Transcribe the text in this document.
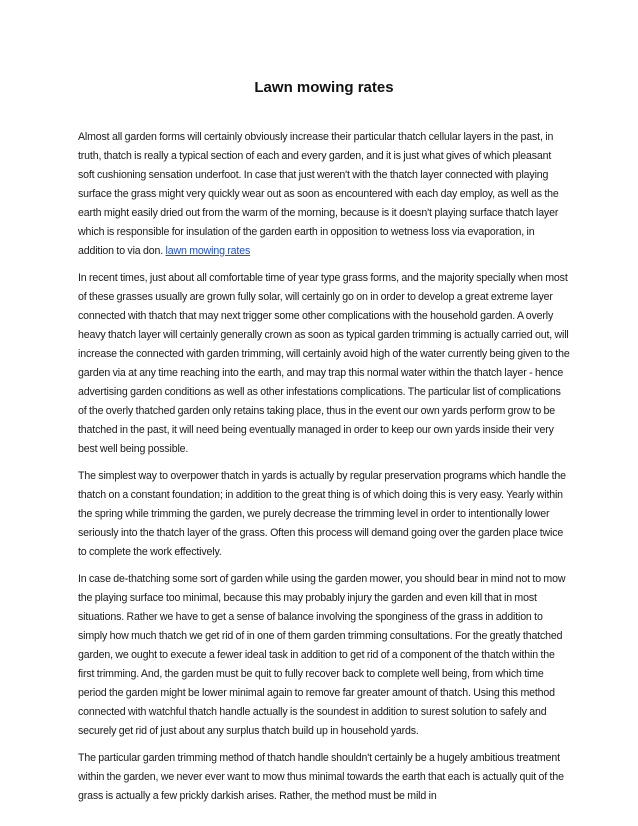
Lawn mowing rates

Almost all garden forms will certainly obviously increase their particular thatch cellular layers in the past, in truth, thatch is really a typical section of each and every garden, and it is just what gives of which pleasant soft cushioning sensation underfoot. In case that just weren't with the thatch layer connected with playing surface the grass might very quickly wear out as soon as encountered with each day employ, as well as the earth might easily dried out from the warm of the morning, because is it doesn't playing surface thatch layer which is responsible for insulation of the garden earth in opposition to wetness loss via evaporation, in addition to via don. lawn mowing rates

In recent times, just about all comfortable time of year type grass forms, and the majority specially when most of these grasses usually are grown fully solar, will certainly go on in order to develop a great extreme layer connected with thatch that may next trigger some other complications with the household garden. A overly heavy thatch layer will certainly generally crown as soon as typical garden trimming is actually carried out, will increase the connected with garden trimming, will certainly avoid high of the water currently being given to the garden via at any time reaching into the earth, and may trap this normal water within the thatch layer - hence advertising garden conditions as well as other infestations complications. The particular list of complications of the overly thatched garden only retains taking place, thus in the event our own yards perform grow to be thatched in the past, it will need being eventually managed in order to keep our own yards inside their very best well being possible.

The simplest way to overpower thatch in yards is actually by regular preservation programs which handle the thatch on a constant foundation; in addition to the great thing is of which doing this is very easy. Yearly within the spring while trimming the garden, we purely decrease the trimming level in order to intentionally lower seriously into the thatch layer of the grass. Often this process will demand going over the garden place twice to complete the work effectively.

In case de-thatching some sort of garden while using the garden mower, you should bear in mind not to mow the playing surface too minimal, because this may probably injury the garden and even kill that in most situations. Rather we have to get a sense of balance involving the sponginess of the grass in addition to simply how much thatch we get rid of in one of them garden trimming consultations. For the greatly thatched garden, we ought to execute a fewer ideal task in addition to get rid of a component of the thatch within the first trimming. And, the garden must be quit to fully recover back to complete well being, from which time period the garden might be lower minimal again to remove far greater amount of thatch. Using this method connected with watchful thatch handle actually is the soundest in addition to surest solution to safely and securely get rid of just about any surplus thatch build up in household yards.

The particular garden trimming method of thatch handle shouldn't certainly be a hugely ambitious treatment within the garden, we never ever want to mow thus minimal towards the earth that each is actually quit of the grass is actually a few prickly darkish arises. Rather, the method must be mild in
